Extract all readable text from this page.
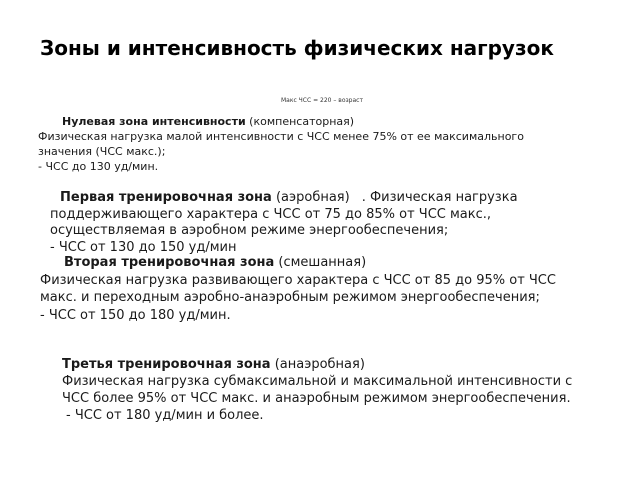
Зоны и интенсивность физических нагрузок
Макс ЧСС = 220 – возраст
Нулевая зона интенсивности (компенсаторная)
Физическая нагрузка малой интенсивности с ЧСС менее 75% от ее максимального
значения (ЧСС макс.);
- ЧСС до 130 уд/мин.
Первая тренировочная зона (аэробная) . Физическая нагрузка
поддерживающего характера с ЧСС от 75 до 85% от ЧСС макс.,
осуществляемая в аэробном режиме энергообеспечения;
- ЧСС от 130 до 150 уд/мин
Вторая тренировочная зона (смешанная)
Физическая нагрузка развивающего характера с ЧСС от 85 до 95% от ЧСС
макс. и переходным аэробно-анаэробным режимом энергообеспечения;
- ЧСС от 150 до 180 уд/мин.
Третья тренировочная зона (анаэробная)
Физическая нагрузка субмаксимальной и максимальной интенсивности с
ЧСС более 95% от ЧСС макс. и анаэробным режимом энергообеспечения.
- ЧСС от 180 уд/мин и более.
